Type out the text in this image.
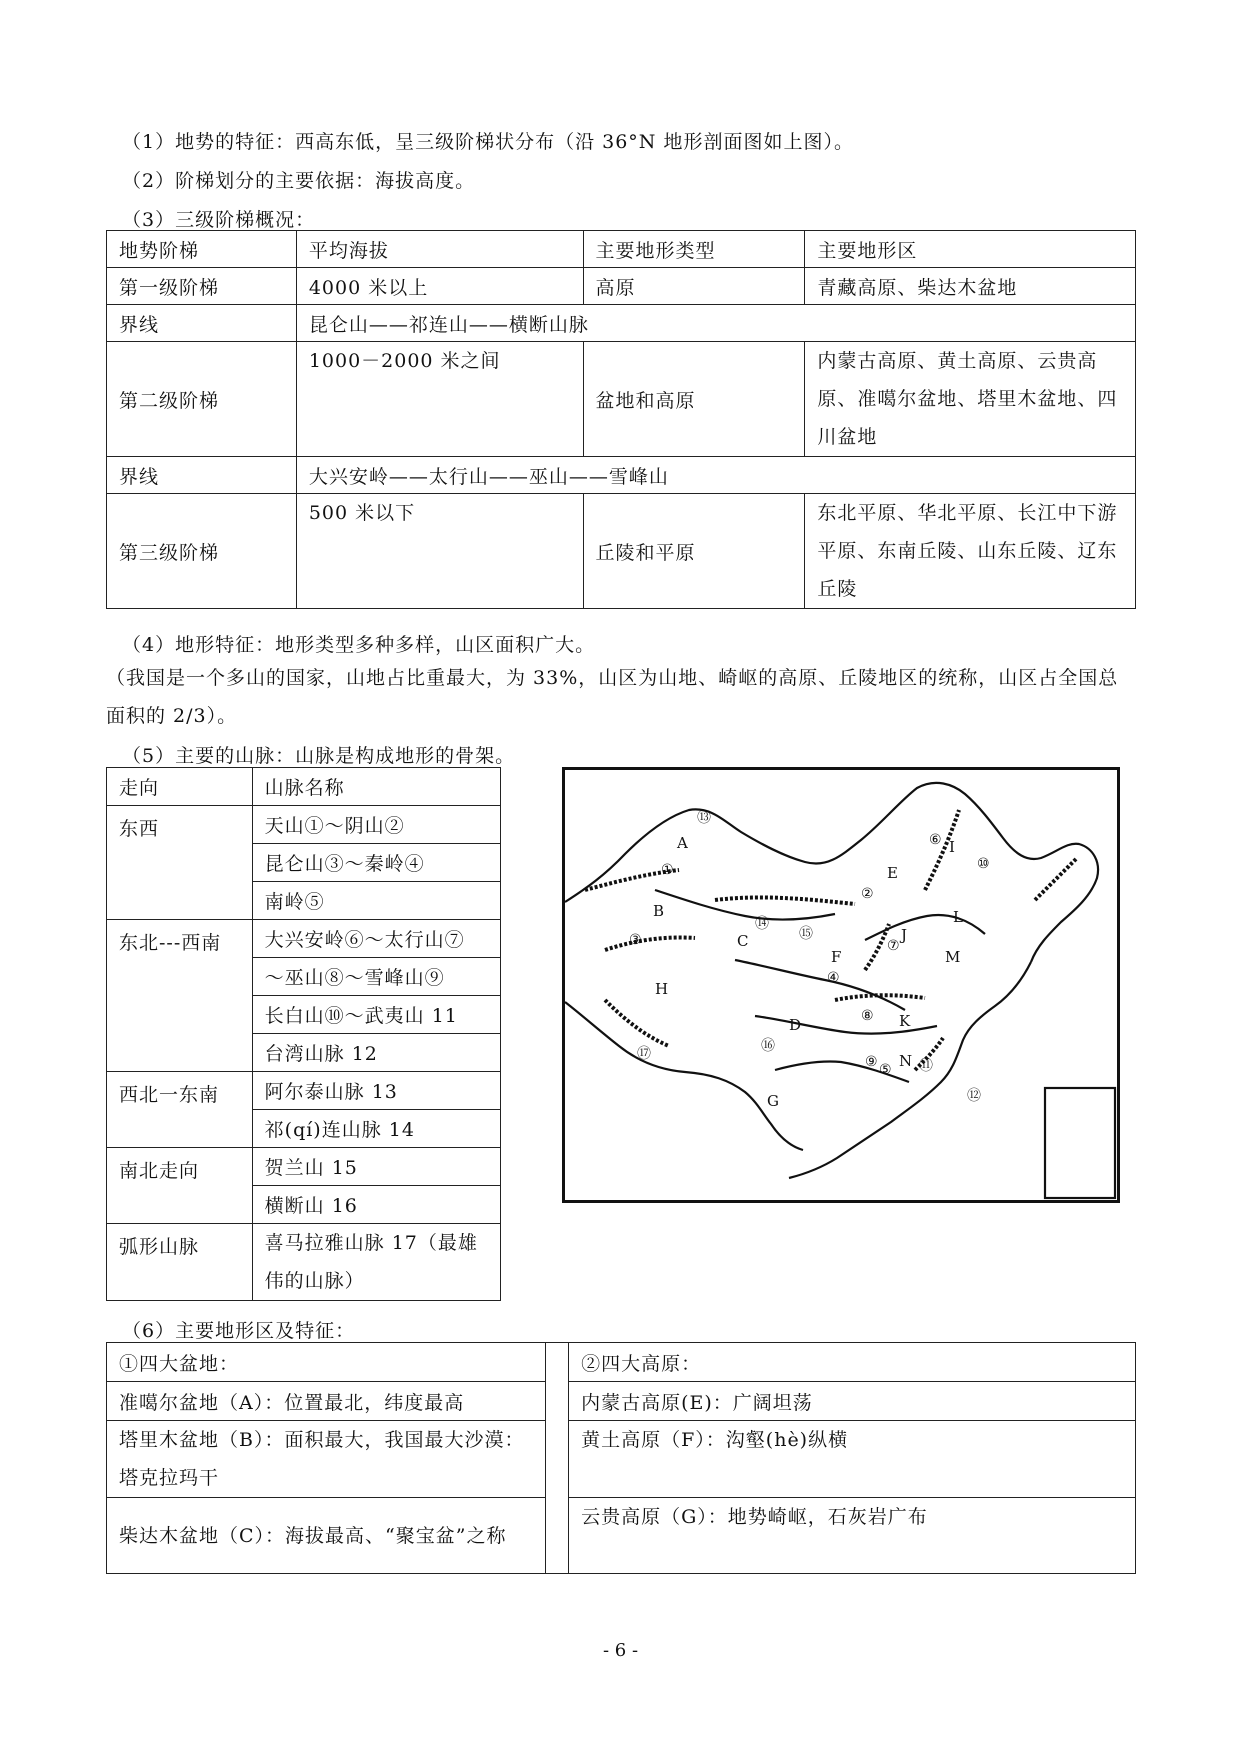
（1）地势的特征：西高东低，呈三级阶梯状分布（沿 36°N 地形剖面图如上图）。
（2）阶梯划分的主要依据：海拔高度。
（3）三级阶梯概况：
地势阶梯	平均海拔	主要地形类型	主要地形区
第一级阶梯	4000 米以上	高原	青藏高原、柴达木盆地
界线	昆仑山——祁连山——横断山脉		
第二级阶梯	1000－2000 米之间	盆地和高原	内蒙古高原、黄土高原、云贵高原、准噶尔盆地、塔里木盆地、四川盆地
界线	大兴安岭——太行山——巫山——雪峰山		
第三级阶梯	500 米以下	丘陵和平原	东北平原、华北平原、长江中下游平原、东南丘陵、山东丘陵、辽东丘陵
（4）地形特征：地形类型多种多样，山区面积广大。
（我国是一个多山的国家，山地占比重最大，为 33%，山区为山地、崎岖的高原、丘陵地区的统称，山区占全国总面积的 2/3）。
（5）主要的山脉：山脉是构成地形的骨架。
走向	山脉名称
东西	天山①～阴山②
	昆仑山③～秦岭④
	南岭⑤
东北---西南	大兴安岭⑥～太行山⑦
	～巫山⑧～雪峰山⑨
	长白山⑩～武夷山 11
	台湾山脉 12
西北一东南	阿尔泰山脉 13
	祁(qí)连山脉 14
南北走向	贺兰山 15
	横断山 16
弧形山脉	喜马拉雅山脉 17（最雄伟的山脉）
A
B
C
D
E
F
G
H
I
J
K
L
M
N
①
②
③
④
⑤
⑥
⑦
⑧
⑨
⑩
⑪
⑫
⑬
⑭
⑮
⑯
⑰
（6）主要地形区及特征：
①四大盆地：		②四大高原：
准噶尔盆地（A）：位置最北，纬度最高		内蒙古高原(E)：广阔坦荡
塔里木盆地（B）：面积最大，我国最大沙漠：塔克拉玛干		黄土高原（F）：沟壑(hè)纵横
柴达木盆地（C）：海拔最高、“聚宝盆”之称		云贵高原（G）：地势崎岖，石灰岩广布
- 6 -
